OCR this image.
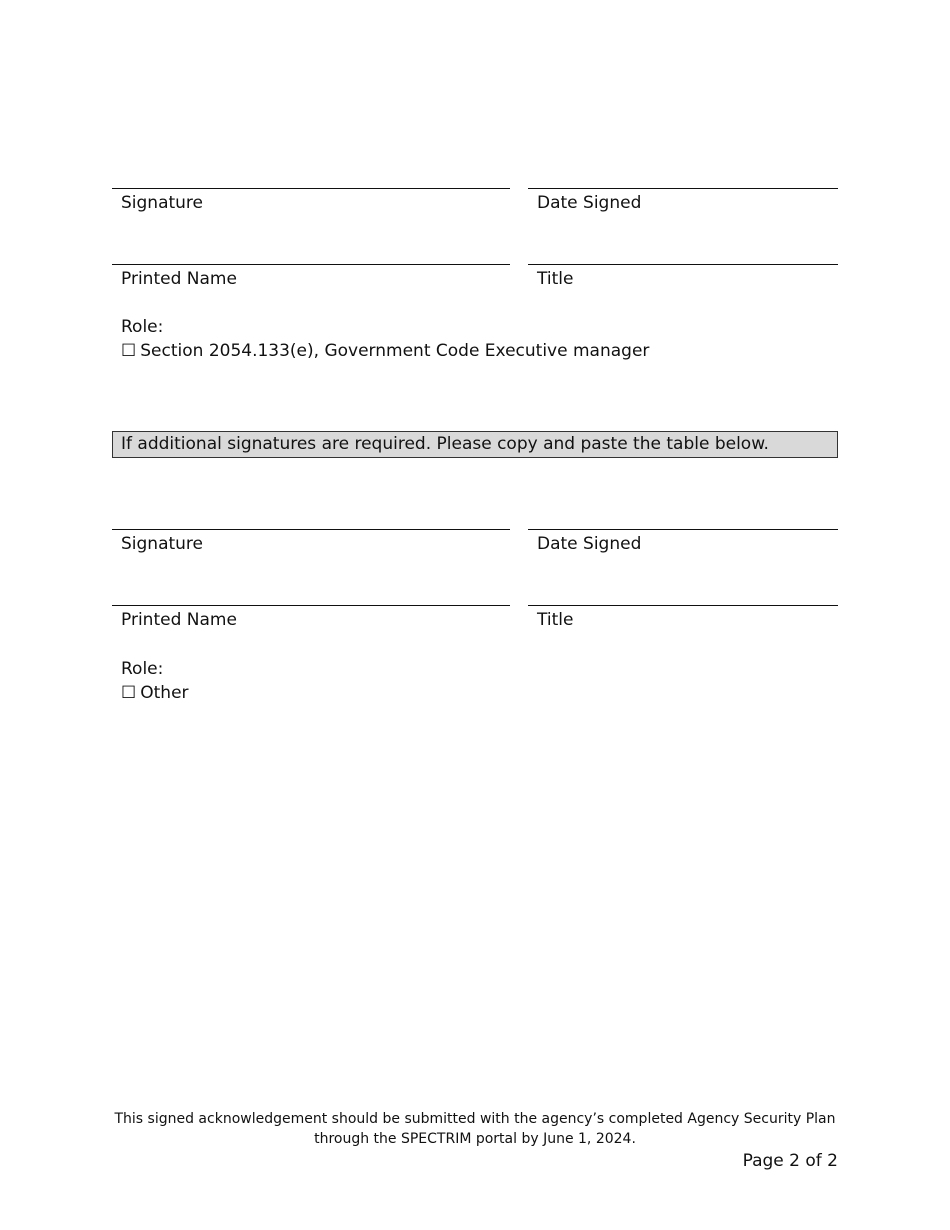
Signature	Date Signed
Printed Name	Title
Role:
☐ Section 2054.133(e), Government Code Executive manager
If additional signatures are required. Please copy and paste the table below.
Signature	Date Signed
Printed Name	Title
Role:
☐ Other
This signed acknowledgement should be submitted with the agency’s completed Agency Security Plan
through the SPECTRIM portal by June 1, 2024.
Page 2 of 2
